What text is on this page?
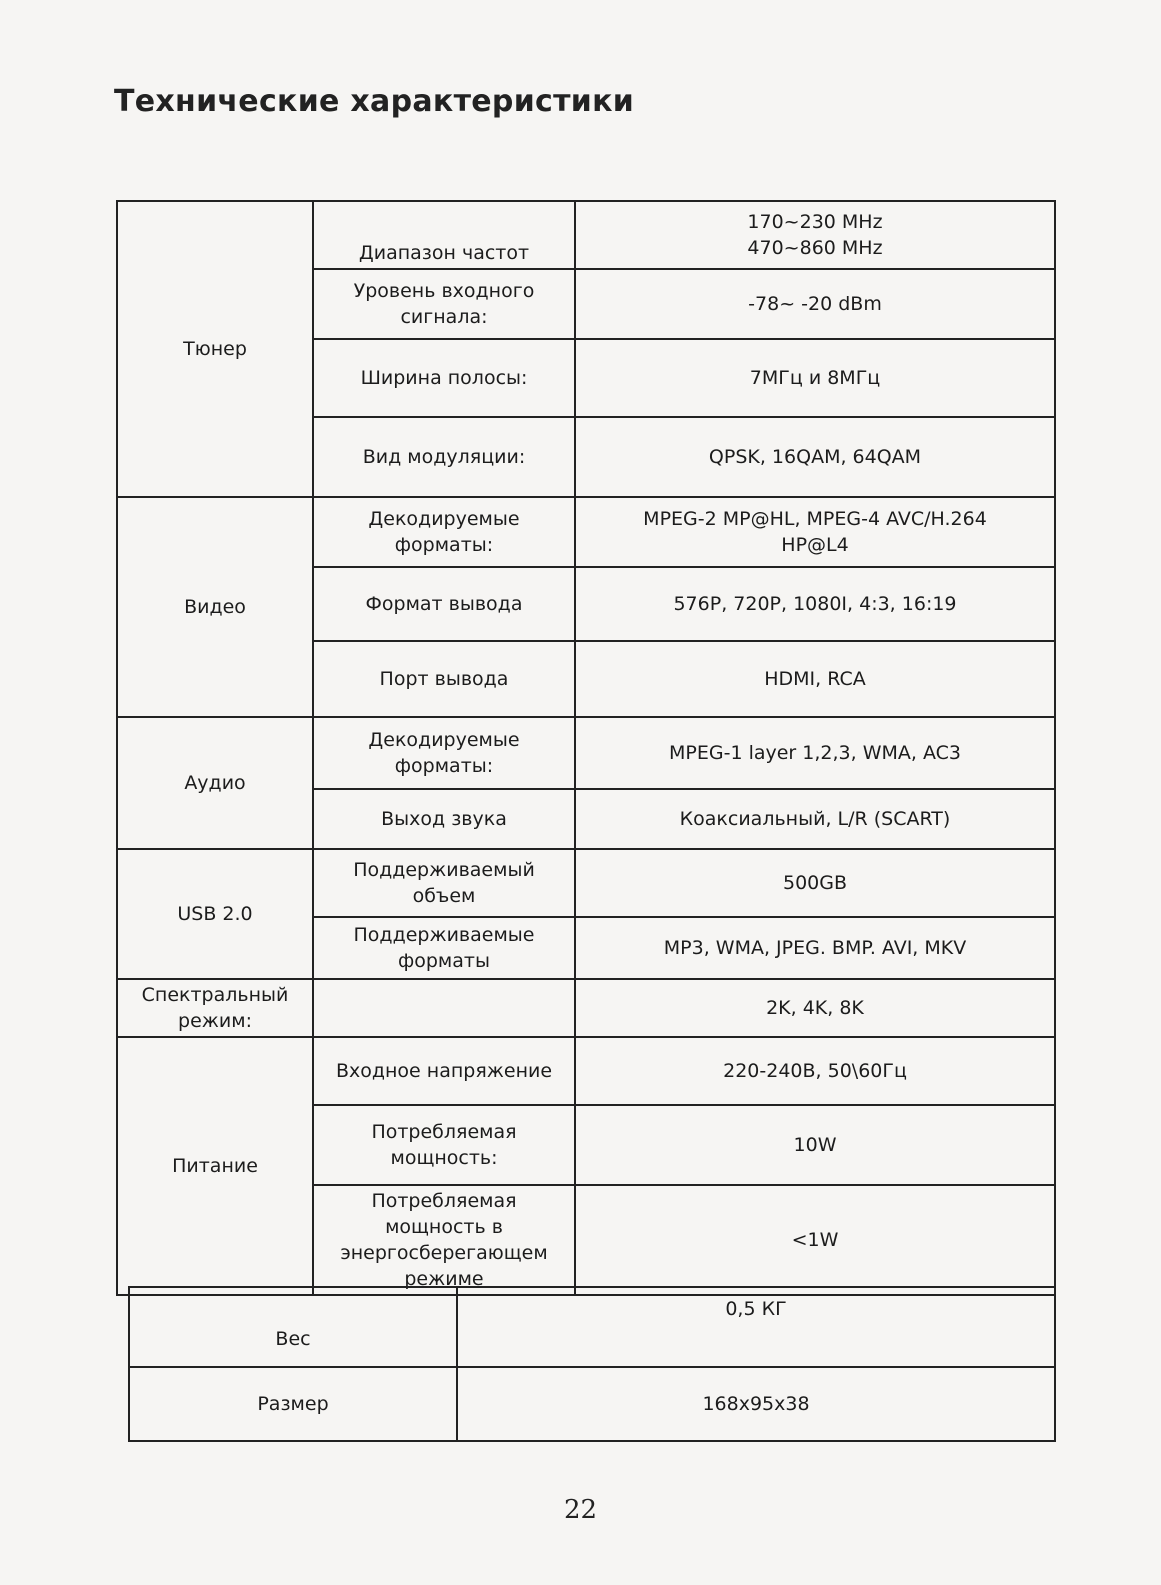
Технические характеристики
Тюнер	Диапазон частот	170~230 MHz
470~860 MHz

	Уровень входного сигнала:	-78~ -20 dBm
	Ширина полосы:	7МГц и 8МГц
	Вид модуляции:	QPSK, 16QAM, 64QAM
Видео	Декодируемые форматы:	MPEG-2 MP@HL, MPEG-4 AVC/H.264
HP@L4

	Формат вывода	576P, 720P, 1080I, 4:3, 16:19
	Порт вывода	HDMI, RCA
Аудио	Декодируемые форматы:	MPEG-1 layer 1,2,3, WMA, AC3
	Выход звука	Коаксиальный, L/R (SCART)
USB 2.0	Поддерживаемый объем	500GB
	Поддерживаемые форматы	MP3, WMA, JPEG. BMP. AVI, MKV
Спектральный режим:		2K, 4K, 8K
Питание	Входное напряжение	220-240В, 50\60Гц
	Потребляемая мощность:	10W
	Потребляемая мощность в энергосберегающем режиме	<1W
Вес	0,5 КГ
Размер	168x95x38
22
